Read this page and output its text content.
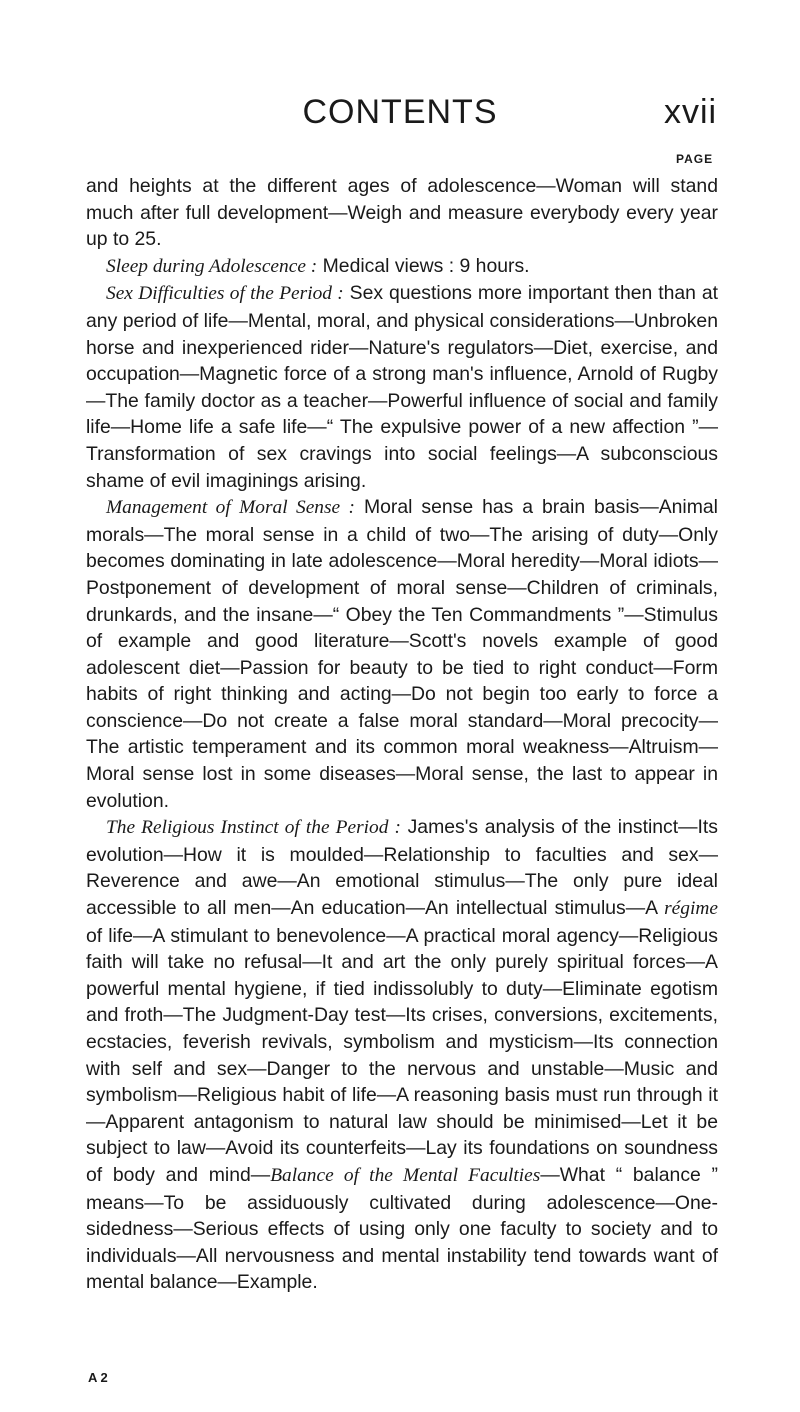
CONTENTS	xvii
PAGE

and heights at the different ages of adolescence—Woman will stand much after full development—Weigh and measure everybody every year up to 25.

Sleep during Adolescence : Medical views : 9 hours.

Sex Difficulties of the Period : Sex questions more important then than at any period of life—Mental, moral, and physical considerations—Unbroken horse and inexperienced rider—Nature's regulators—Diet, exercise, and occupation—Magnetic force of a strong man's influence, Arnold of Rugby—The family doctor as a teacher—Powerful influence of social and family life—Home life a safe life—“ The expulsive power of a new affection ”—Transformation of sex cravings into social feelings—A subconscious shame of evil imaginings arising.

Management of Moral Sense : Moral sense has a brain basis—Animal morals—The moral sense in a child of two—The arising of duty—Only becomes dominating in late adolescence—Moral heredity—Moral idiots—Postponement of development of moral sense—Children of criminals, drunkards, and the insane—“ Obey the Ten Commandments ”—Stimulus of example and good literature—Scott's novels example of good adolescent diet—Passion for beauty to be tied to right conduct—Form habits of right thinking and acting—Do not begin too early to force a conscience—Do not create a false moral standard—Moral precocity—The artistic temperament and its common moral weakness—Altruism—Moral sense lost in some diseases—Moral sense, the last to appear in evolution.

The Religious Instinct of the Period : James's analysis of the instinct—Its evolution—How it is moulded—Relationship to faculties and sex—Reverence and awe—An emotional stimulus—The only pure ideal accessible to all men—An education—An intellectual stimulus—A régime of life—A stimulant to benevolence—A practical moral agency—Religious faith will take no refusal—It and art the only purely spiritual forces—A powerful mental hygiene, if tied indissolubly to duty—Eliminate egotism and froth—The Judgment-Day test—Its crises, conversions, excitements, ecstacies, feverish revivals, symbolism and mysticism—Its connection with self and sex—Danger to the nervous and unstable—Music and symbolism—Religious habit of life—A reasoning basis must run through it—Apparent antagonism to natural law should be minimised—Let it be subject to law—Avoid its counterfeits—Lay its foundations on soundness of body and mind—Balance of the Mental Faculties—What “ balance ” means—To be assiduously cultivated during adolescence—One-sidedness—Serious effects of using only one faculty to society and to individuals—All nervousness and mental instability tend towards want of mental balance—Example.

A 2
